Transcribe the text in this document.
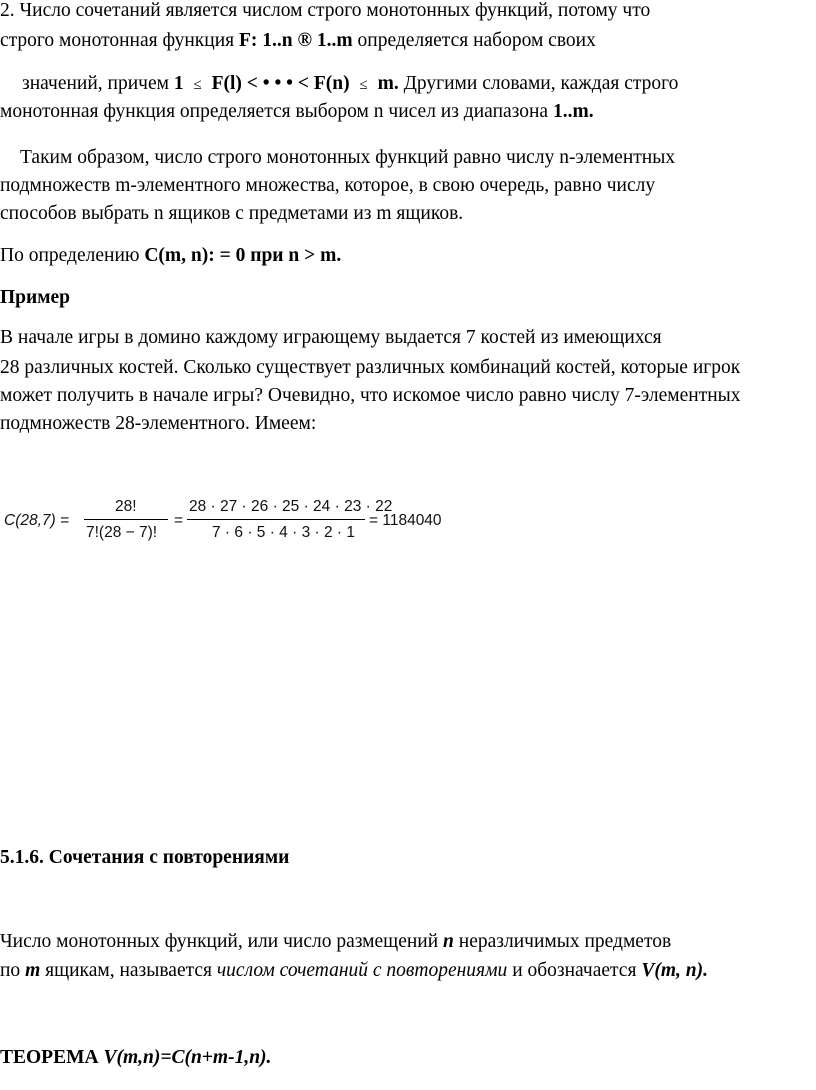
2. Число сочетаний является числом строго монотонных функций, потому что
строго монотонная функция F: 1..n ® 1..m определяется набором своих
значений, причем 1 ≤ F(l) < • • • < F(n) ≤ m. Другими словами, каждая строго
монотонная функция определяется выбором n чисел из диапазона 1..m.
Таким образом, число строго монотонных функций равно числу n-элементных
подмножеств m-элементного множества, которое, в свою очередь, равно числу
способов выбрать n ящиков с предметами из m ящиков.
По определению C(m, n): = 0 при n > m.
Пример
В начале игры в домино каждому играющему выдается 7 костей из имеющихся
28 различных костей. Сколько существует различных комбинаций костей, которые игрок
может получить в начале игры? Очевидно, что искомое число равно числу 7-элементных
подмножеств 28-элементного. Имеем:
C(28,7) =
28!
7!(28 − 7)!
=
28 · 27 · 26 · 25 · 24 · 23 · 22
7 · 6 · 5 · 4 · 3 · 2 · 1
= 1184040
5.1.6. Сочетания с повторениями
Число монотонных функций, или число размещений n неразличимых предметов
по m ящикам, называется числом сочетаний с повторениями и обозначается V(m, n).
ТЕОРЕМА V(m,n)=C(n+m-1,n).
